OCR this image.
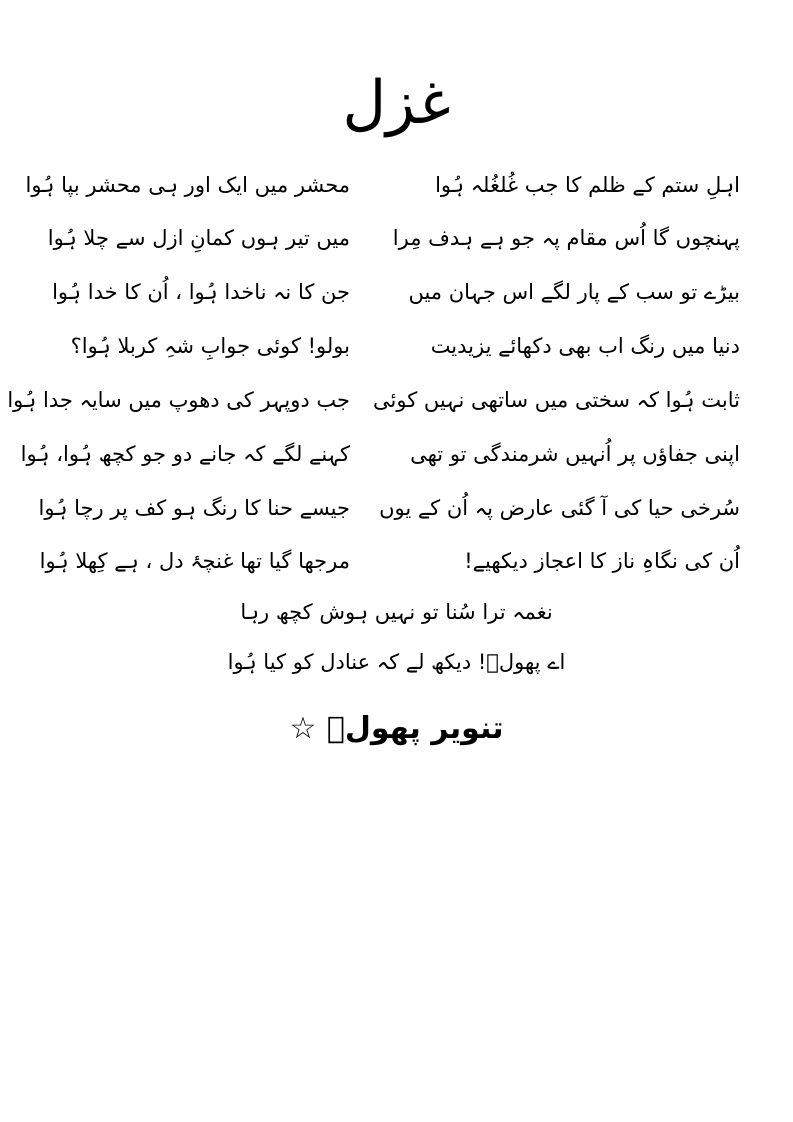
غزل
اہلِ ستم کے ظلم کا جب غُلغُلہ ہُوا
محشر میں ایک اور ہی محشر بپا ہُوا
پہنچوں گا اُس مقام پہ جو ہے ہدف مِرا
میں تیر ہوں کمانِ ازل سے چلا ہُوا
بیڑے تو سب کے پار لگے اس جہان میں
جن کا نہ ناخدا ہُوا ، اُن کا خدا ہُوا
دنیا میں رنگ اب بھی دکھائے یزیدیت
بولو! کوئی جوابِ شہِ کربلا ہُوا؟
ثابت ہُوا کہ سختی میں ساتھی نہیں کوئی
جب دوپہر کی دھوپ میں سایہ جدا ہُوا
اپنی جفاؤں پر اُنہیں شرمندگی تو تھی
کہنے لگے کہ جانے دو جو کچھ ہُوا، ہُوا
سُرخی حیا کی آ گئی عارض پہ اُن کے یوں
جیسے حنا کا رنگ ہو کف پر رچا ہُوا
اُن کی نگاہِ ناز کا اعجاز دیکھیے!
مرجھا گیا تھا غنچۂ دل ، ہے کِھلا ہُوا
نغمہ ترا سُنا تو نہیں ہوش کچھ رہا
اے پھولؔ! دیکھ لے کہ عنادل کو کیا ہُوا
تنویر پھولؔ ☆
